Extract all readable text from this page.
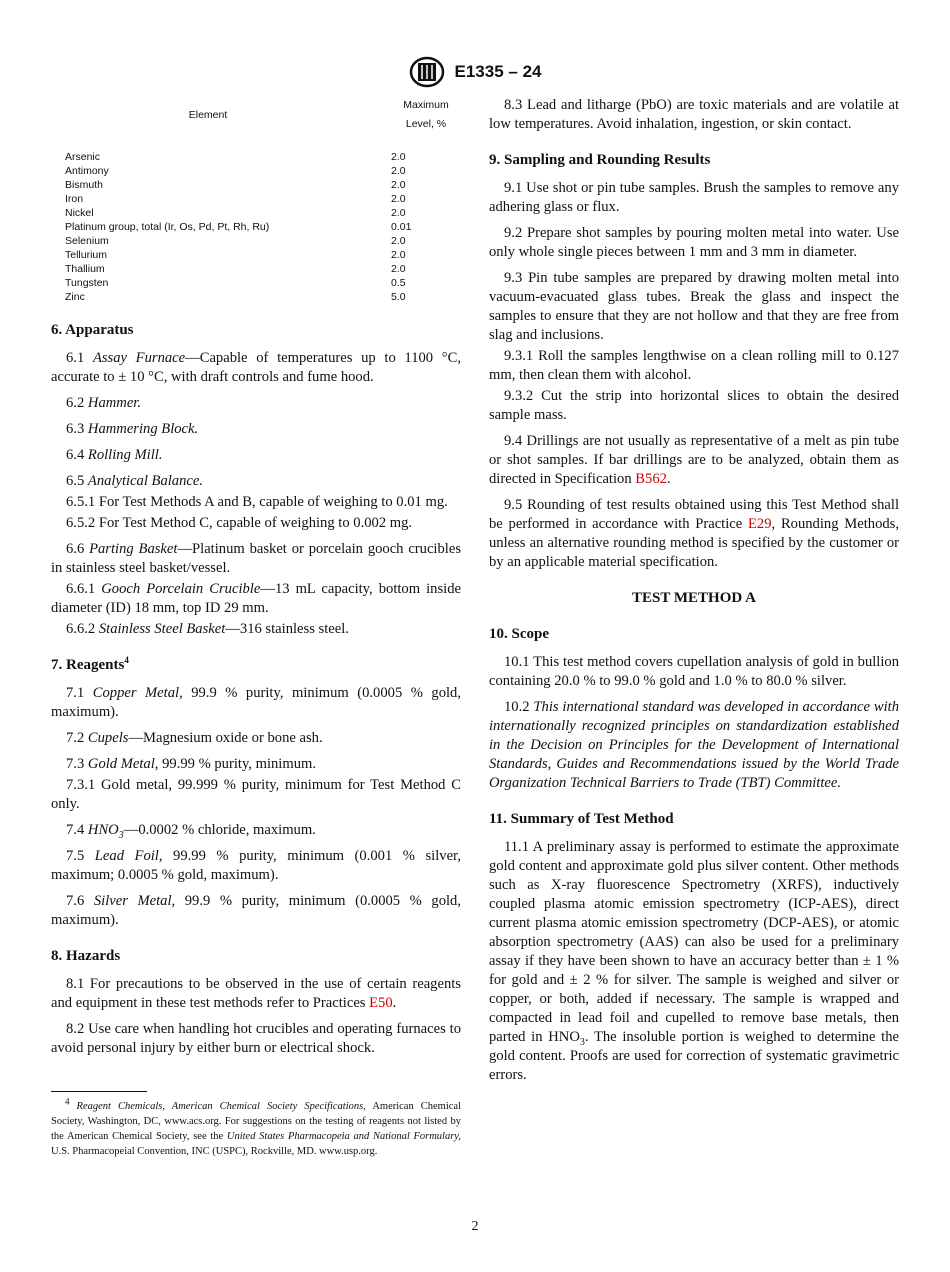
E1335 – 24
Element	Maximum Level, %
Arsenic	2.0
Antimony	2.0
Bismuth	2.0
Iron	2.0
Nickel	2.0
Platinum group, total (Ir, Os, Pd, Pt, Rh, Ru)	0.01
Selenium	2.0
Tellurium	2.0
Thallium	2.0
Tungsten	0.5
Zinc	5.0
6. Apparatus

6.1 Assay Furnace—Capable of temperatures up to 1100 °C, accurate to ± 10 °C, with draft controls and fume hood.

6.2 Hammer.

6.3 Hammering Block.

6.4 Rolling Mill.

6.5 Analytical Balance.

6.5.1 For Test Methods A and B, capable of weighing to 0.01 mg.

6.5.2 For Test Method C, capable of weighing to 0.002 mg.

6.6 Parting Basket—Platinum basket or porcelain gooch crucibles in stainless steel basket/vessel.

6.6.1 Gooch Porcelain Crucible—13 mL capacity, bottom inside diameter (ID) 18 mm, top ID 29 mm.

6.6.2 Stainless Steel Basket—316 stainless steel.

7. Reagents$^4$

7.1 Copper Metal, 99.9 % purity, minimum (0.0005 % gold, maximum).

7.2 Cupels—Magnesium oxide or bone ash.

7.3 Gold Metal, 99.99 % purity, minimum.

7.3.1 Gold metal, 99.999 % purity, minimum for Test Method C only.

7.4 $HNO_3—0.0002$ % chloride, maximum.

7.5 Lead Foil, 99.99 % purity, minimum (0.001 % silver, maximum; 0.0005 % gold, maximum).

7.6 Silver Metal, 99.9 % purity, minimum (0.0005 % gold, maximum).

8. Hazards

8.1 For precautions to be observed in the use of certain reagents and equipment in these test methods refer to Practices E50.

8.2 Use care when handling hot crucibles and operating furnaces to avoid personal injury by either burn or electrical shock.

$^4$ Reagent Chemicals, American Chemical Society Specifications, American Chemical Society, Washington, DC, www.acs.org. For suggestions on the testing of reagents not listed by the American Chemical Society, see the United States Pharmacopeia and National Formulary, U.S. Pharmacopeial Convention, INC (USPC), Rockville, MD. www.usp.org.

8.3 Lead and litharge (PbO) are toxic materials and are volatile at low temperatures. Avoid inhalation, ingestion, or skin contact.

9. Sampling and Rounding Results

9.1 Use shot or pin tube samples. Brush the samples to remove any adhering glass or flux.

9.2 Prepare shot samples by pouring molten metal into water. Use only whole single pieces between 1 mm and 3 mm in diameter.

9.3 Pin tube samples are prepared by drawing molten metal into vacuum-evacuated glass tubes. Break the glass and inspect the samples to ensure that they are not hollow and that they are free from slag and inclusions.

9.3.1 Roll the samples lengthwise on a clean rolling mill to 0.127 mm, then clean them with alcohol.

9.3.2 Cut the strip into horizontal slices to obtain the desired sample mass.

9.4 Drillings are not usually as representative of a melt as pin tube or shot samples. If bar drillings are to be analyzed, obtain them as directed in Specification B562.

9.5 Rounding of test results obtained using this Test Method shall be performed in accordance with Practice E29, Rounding Methods, unless an alternative rounding method is specified by the customer or by an applicable material specification.

TEST METHOD A
10. Scope

10.1 This test method covers cupellation analysis of gold in bullion containing 20.0 % to 99.0 % gold and 1.0 % to 80.0 % silver.

10.2 This international standard was developed in accordance with internationally recognized principles on standardization established in the Decision on Principles for the Development of International Standards, Guides and Recommendations issued by the World Trade Organization Technical Barriers to Trade (TBT) Committee.

11. Summary of Test Method

11.1 A preliminary assay is performed to estimate the approximate gold content and approximate gold plus silver content. Other methods such as X-ray fluorescence Spectrometry (XRFS), inductively coupled plasma atomic emission spectrometry (ICP-AES), direct current plasma atomic emission spectrometry (DCP-AES), or atomic absorption spectrometry (AAS) can also be used for a preliminary assay if they have been shown to have an accuracy better than ± 1 % for gold and ± 2 % for silver. The sample is weighed and silver or copper, or both, added if necessary. The sample is wrapped and compacted in lead foil and cupelled to remove base metals, then parted in $HNO_3$. The insoluble portion is weighed to determine the gold content. Proofs are used for correction of systematic gravimetric errors.

2
